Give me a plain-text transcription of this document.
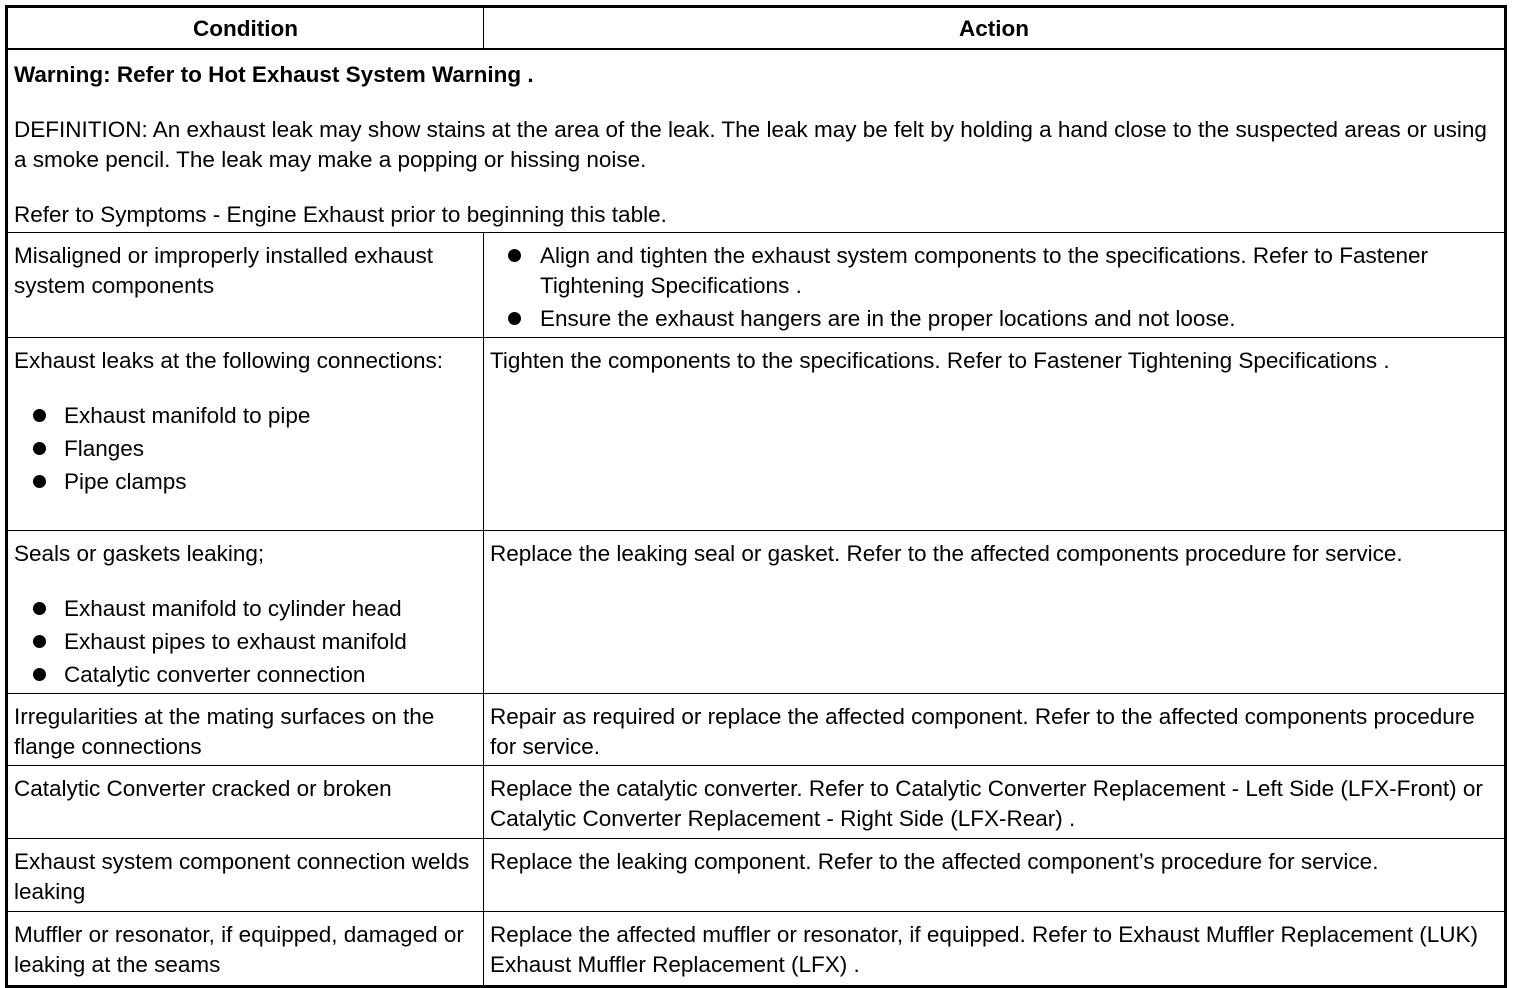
Condition	Action
Warning: Refer to Hot Exhaust System Warning .
DEFINITION: An exhaust leak may show stains at the area of the leak. The leak may be felt by holding a hand close to the suspected areas or using a smoke pencil. The leak may make a popping or hissing noise.
Refer to Symptoms - Engine Exhaust prior to beginning this table.
Misaligned or improperly installed exhaust system components
Align and tighten the exhaust system components to the specifications. Refer to Fastener Tightening Specifications .
Ensure the exhaust hangers are in the proper locations and not loose.
Exhaust leaks at the following connections:
Exhaust manifold to pipe
Flanges
Pipe clamps
Tighten the components to the specifications. Refer to Fastener Tightening Specifications .
Seals or gaskets leaking;
Exhaust manifold to cylinder head
Exhaust pipes to exhaust manifold
Catalytic converter connection
Replace the leaking seal or gasket. Refer to the affected components procedure for service.
Irregularities at the mating surfaces on the flange connections
Repair as required or replace the affected component. Refer to the affected components procedure for service.
Catalytic Converter cracked or broken	Replace the catalytic converter. Refer to Catalytic Converter Replacement - Left Side (LFX-Front) or Catalytic Converter Replacement - Right Side (LFX-Rear) .
Exhaust system component connection welds leaking
Replace the leaking component. Refer to the affected component’s procedure for service.
Muffler or resonator, if equipped, damaged or leaking at the seams
Replace the affected muffler or resonator, if equipped. Refer to Exhaust Muffler Replacement (LUK) Exhaust Muffler Replacement (LFX) .
